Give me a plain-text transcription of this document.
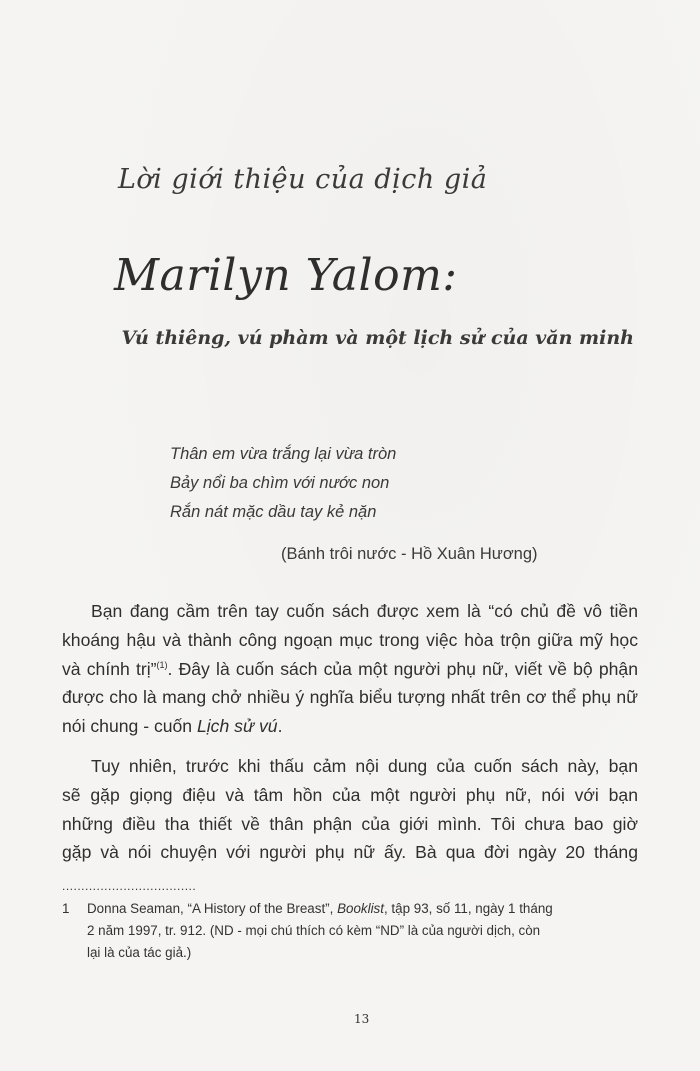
Lời giới thiệu của dịch giả
Marilyn Yalom:
Vú thiêng, vú phàm và một lịch sử của văn minh
Thân em vừa trắng lại vừa tròn
Bảy nổi ba chìm với nước non
Rắn nát mặc dầu tay kẻ nặn
(Bánh trôi nước - Hồ Xuân Hương)
Bạn đang cầm trên tay cuốn sách được xem là “có chủ đề vô tiền
khoáng hậu và thành công ngoạn mục trong việc hòa trộn giữa mỹ học
và chính trị”$^{(1)}$. Đây là cuốn sách của một người phụ nữ, viết về bộ phận
được cho là mang chở nhiều ý nghĩa biểu tượng nhất trên cơ thể phụ nữ
nói chung - cuốn Lịch sử vú.
Tuy nhiên, trước khi thấu cảm nội dung của cuốn sách này, bạn
sẽ gặp giọng điệu và tâm hồn của một người phụ nữ, nói với bạn
những điều tha thiết về thân phận của giới mình. Tôi chưa bao giờ
gặp và nói chuyện với người phụ nữ ấy. Bà qua đời ngày 20 tháng
...................................
1 Donna Seaman, “A History of the Breast”, Booklist, tập 93, số 11, ngày 1 tháng
2 năm 1997, tr. 912. (ND - mọi chú thích có kèm “ND” là của người dịch, còn
lại là của tác giả.)
13
